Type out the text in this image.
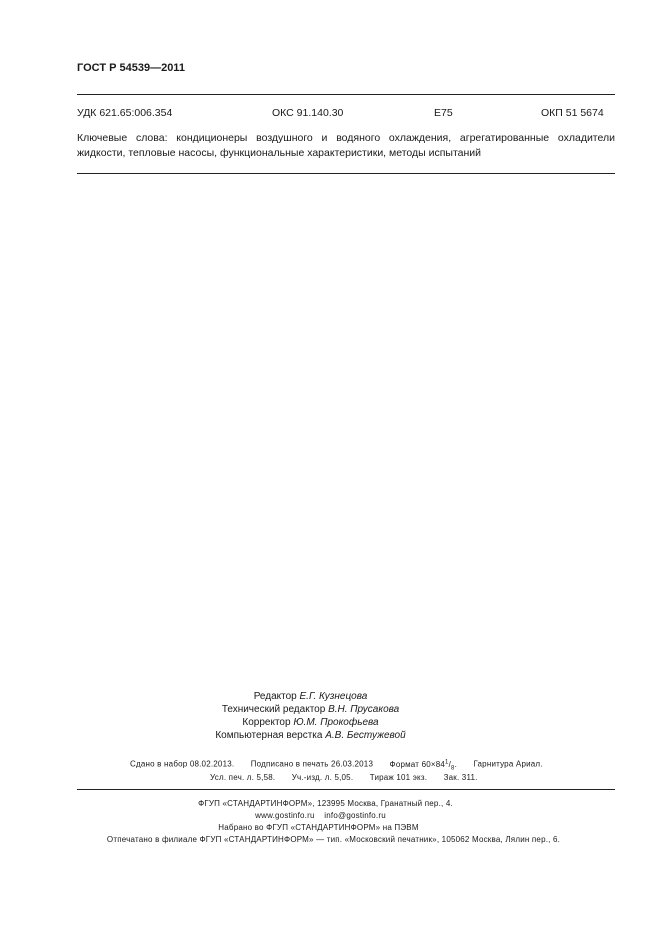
ГОСТ Р 54539—2011
УДК 621.65:006.354	ОКС 91.140.30	Е75	ОКП 51 5674
Ключевые слова: кондиционеры воздушного и водяного охлаждения, агрегатированные охладители жидкости, тепловые насосы, функциональные характеристики, методы испытаний
Редактор Е.Г. Кузнецова
Технический редактор В.Н. Прусакова
Корректор Ю.М. Прокофьева
Компьютерная верстка А.В. Бестужевой
Сдано в набор 08.02.2013. Подписано в печать 26.03.2013 Формат $60\times 84^1/_8$. Гарнитура Ариал.
Усл. печ. л. 5,58. Уч.-изд. л. 5,05. Тираж 101 экз. Зак. 311.
ФГУП «СТАНДАРТИНФОРМ», 123995 Москва, Гранатный пер., 4.
www.gostinfo.ru info@gostinfo.ru
Набрано во ФГУП «СТАНДАРТИНФОРМ» на ПЭВМ
Отпечатано в филиале ФГУП «СТАНДАРТИНФОРМ» — тип. «Московский печатник», 105062 Москва, Лялин пер., 6.
